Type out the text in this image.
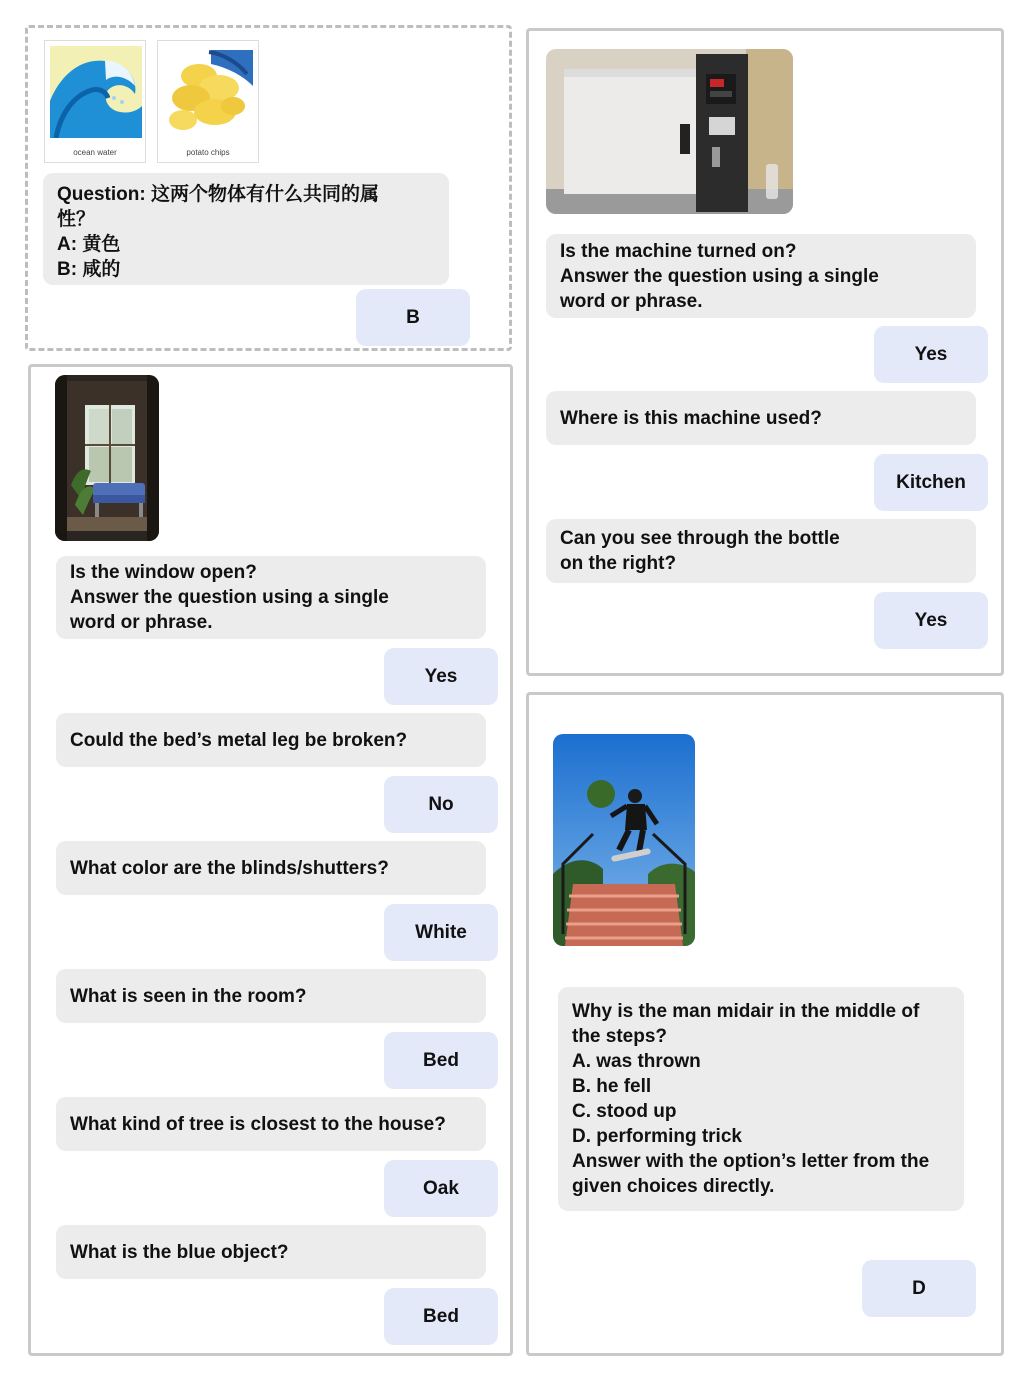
ocean water	potato chips
Question: 这两个物体有什么共同的属
性？
A: 黄色
B: 咸的
B
Is the window open?
Answer the question using a single
word or phrase.
Yes
Could the bed’s metal leg be broken?
No
What color are the blinds/shutters?
White
What is seen in the room?
Bed
What kind of tree is closest to the house?
Oak
What is the blue object?
Bed
Is the machine turned on?
Answer the question using a single
word or phrase.
Yes
Where is this machine used?
Kitchen
Can you see through the bottle
on the right?
Yes
Why is the man midair in the middle of
the steps?
A. was thrown
B. he fell
C. stood up
D. performing trick
Answer with the option’s letter from the
given choices directly.
D
